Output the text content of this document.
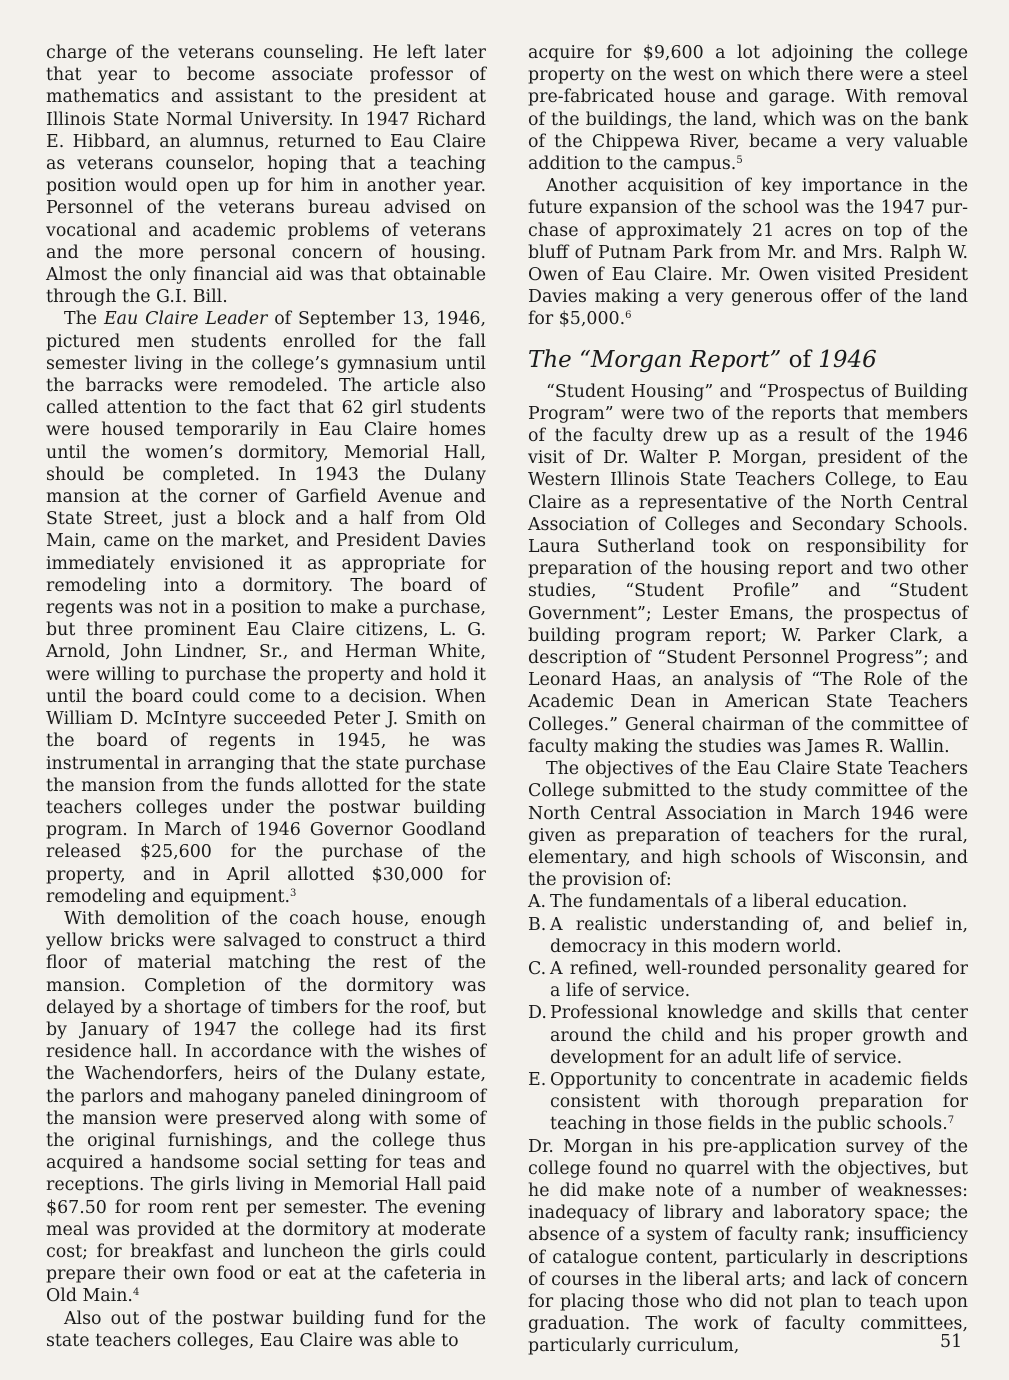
charge of the veterans counseling. He left later that year to become associate professor of mathematics and assistant to the president at Illinois State Normal University. In 1947 Richard E. Hibbard, an alumnus, returned to Eau Claire as veterans counselor, hoping that a teaching position would open up for him in another year. Personnel of the veterans bureau advised on vocational and academic problems of veterans and the more personal concern of housing. Almost the only financial aid was that obtainable through the G.I. Bill.

The Eau Claire Leader of September 13, 1946, pictured men students enrolled for the fall semester living in the college’s gymnasium until the barracks were remodeled. The article also called attention to the fact that 62 girl students were housed temporarily in Eau Claire homes until the women’s dormitory, Memorial Hall, should be completed. In 1943 the Dulany mansion at the corner of Garfield Avenue and State Street, just a block and a half from Old Main, came on the market, and President Davies immediately envisioned it as appropriate for remodeling into a dormitory. The board of regents was not in a position to make a purchase, but three prominent Eau Claire citizens, L. G. Arnold, John Lindner, Sr., and Herman White, were willing to purchase the property and hold it until the board could come to a decision. When William D. McIntyre succeeded Peter J. Smith on the board of regents in 1945, he was instrumental in arranging that the state purchase the mansion from the funds allotted for the state teachers colleges under the postwar building program. In March of 1946 Governor Goodland released $25,600 for the purchase of the property, and in April allotted $30,000 for remodeling and equipment.$^3$

With demolition of the coach house, enough yellow bricks were salvaged to construct a third floor of material matching the rest of the mansion. Completion of the dormitory was delayed by a shortage of timbers for the roof, but by January of 1947 the college had its first residence hall. In accordance with the wishes of the Wachendorfers, heirs of the Dulany estate, the parlors and mahogany paneled diningroom of the mansion were preserved along with some of the original furnishings, and the college thus acquired a handsome social setting for teas and receptions. The girls living in Memorial Hall paid $67.50 for room rent per semester. The evening meal was provided at the dormitory at moderate cost; for breakfast and luncheon the girls could prepare their own food or eat at the cafeteria in Old Main.$^4$

Also out of the postwar building fund for the state teachers colleges, Eau Claire was able to

acquire for $9,600 a lot adjoining the college property on the west on which there were a steel pre-fabricated house and garage. With removal of the buildings, the land, which was on the bank of the Chippewa River, became a very valuable addition to the campus.$^5$

Another acquisition of key importance in the future expansion of the school was the 1947 purchase of approximately 21 acres on top of the bluff of Putnam Park from Mr. and Mrs. Ralph W. Owen of Eau Claire. Mr. Owen visited President Davies making a very generous offer of the land for $5,000.$^6$

The “Morgan Report” of 1946

“Student Housing” and “Prospectus of Building Program” were two of the reports that members of the faculty drew up as a result of the 1946 visit of Dr. Walter P. Morgan, president of the Western Illinois State Teachers College, to Eau Claire as a representative of the North Central Association of Colleges and Secondary Schools. Laura Sutherland took on responsibility for preparation of the housing report and two other studies, “Student Profile” and “Student Government”; Lester Emans, the prospectus of building program report; W. Parker Clark, a description of “Student Personnel Progress”; and Leonard Haas, an analysis of “The Role of the Academic Dean in American State Teachers Colleges.” General chairman of the committee of faculty making the studies was James R. Wallin.

The objectives of the Eau Claire State Teachers College submitted to the study committee of the North Central Association in March 1946 were given as preparation of teachers for the rural, elementary, and high schools of Wisconsin, and the provision of:

A. The fundamentals of a liberal education.

B. A realistic understanding of, and belief in, democracy in this modern world.

C. A refined, well-rounded personality geared for a life of service.

D. Professional knowledge and skills that center around the child and his proper growth and development for an adult life of service.

E. Opportunity to concentrate in academic fields consistent with thorough preparation for teaching in those fields in the public schools.$^7$

Dr. Morgan in his pre-application survey of the college found no quarrel with the objectives, but he did make note of a number of weaknesses: inadequacy of library and laboratory space; the absence of a system of faculty rank; insufficiency of catalogue content, particularly in descriptions of courses in the liberal arts; and lack of concern for placing those who did not plan to teach upon graduation. The work of faculty committees, particularly curriculum,	51
